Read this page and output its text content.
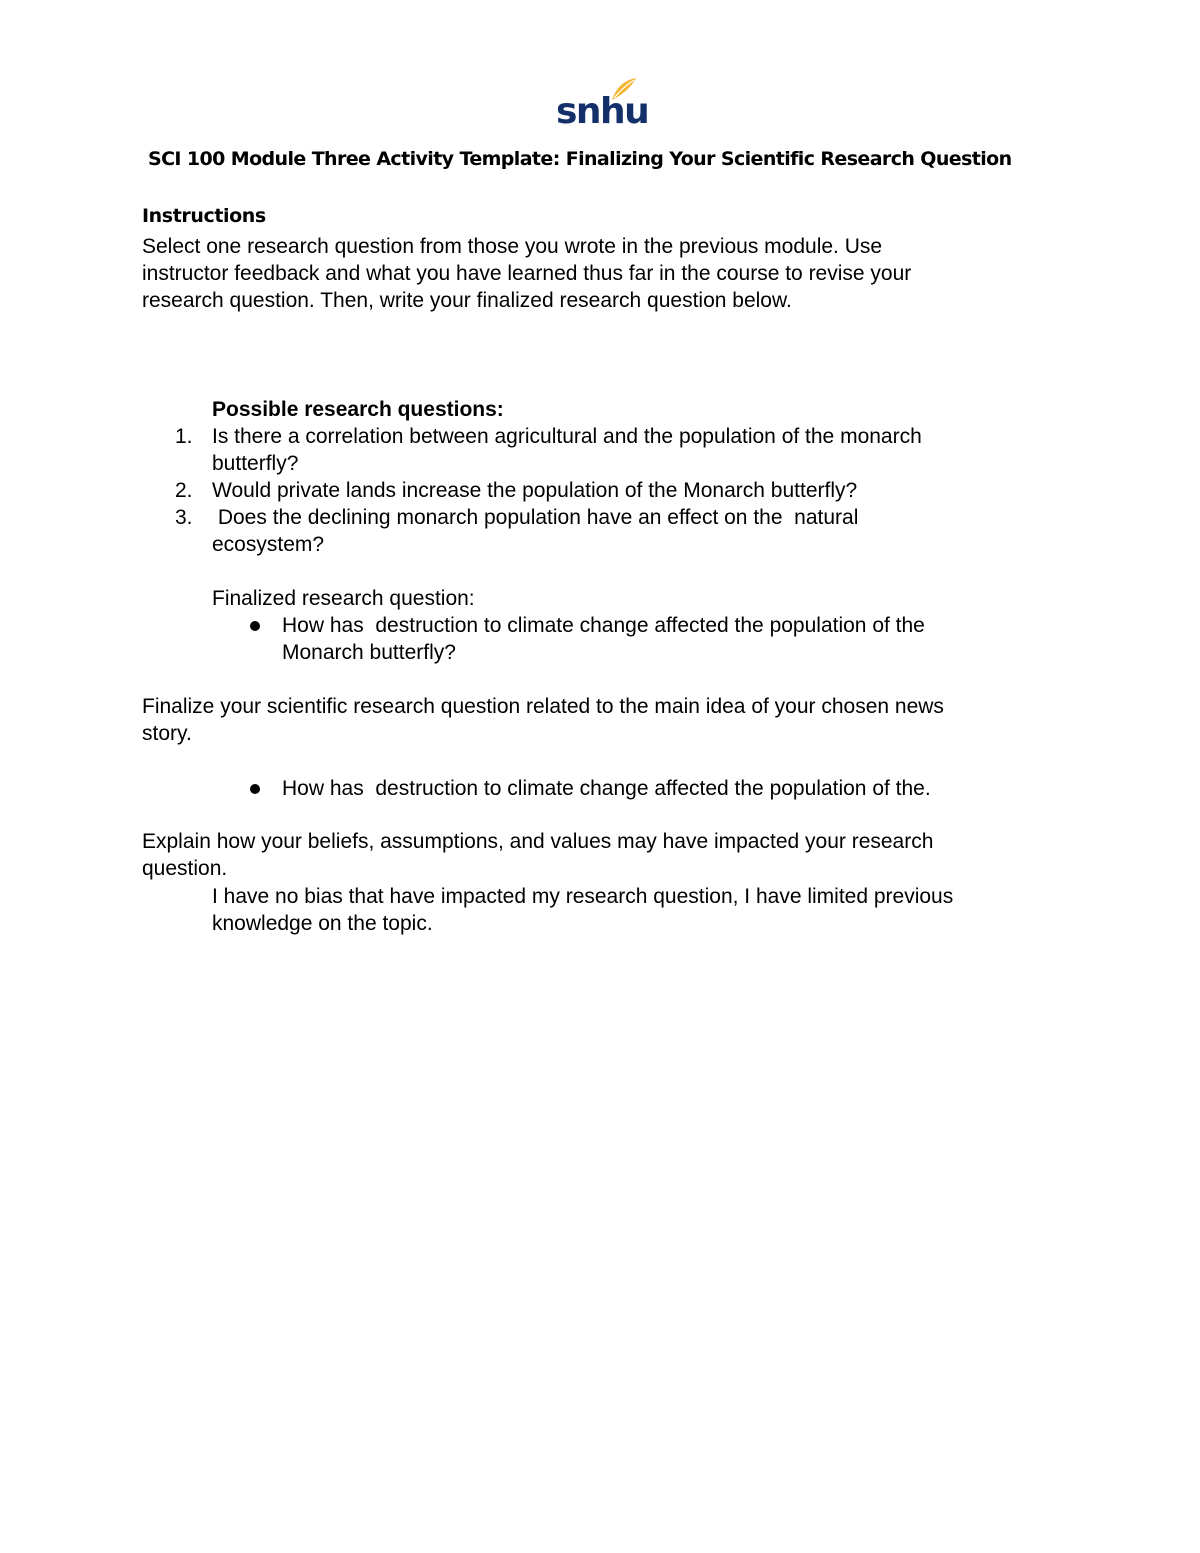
snhu
SCI 100 Module Three Activity Template: Finalizing Your Scientific Research Question
Instructions
Select one research question from those you wrote in the previous module. Use
instructor feedback and what you have learned thus far in the course to revise your
research question. Then, write your finalized research question below.
Possible research questions:
1. Is there a correlation between agricultural and the population of the monarch
butterfly?
2. Would private lands increase the population of the Monarch butterfly?
3. Does the declining monarch population have an effect on the  natural
ecosystem?
Finalized research question:
How has  destruction to climate change affected the population of the
Monarch butterfly?
Finalize your scientific research question related to the main idea of your chosen news
story.
How has  destruction to climate change affected the population of the.
Explain how your beliefs, assumptions, and values may have impacted your research
question.
I have no bias that have impacted my research question, I have limited previous
knowledge on the topic.
